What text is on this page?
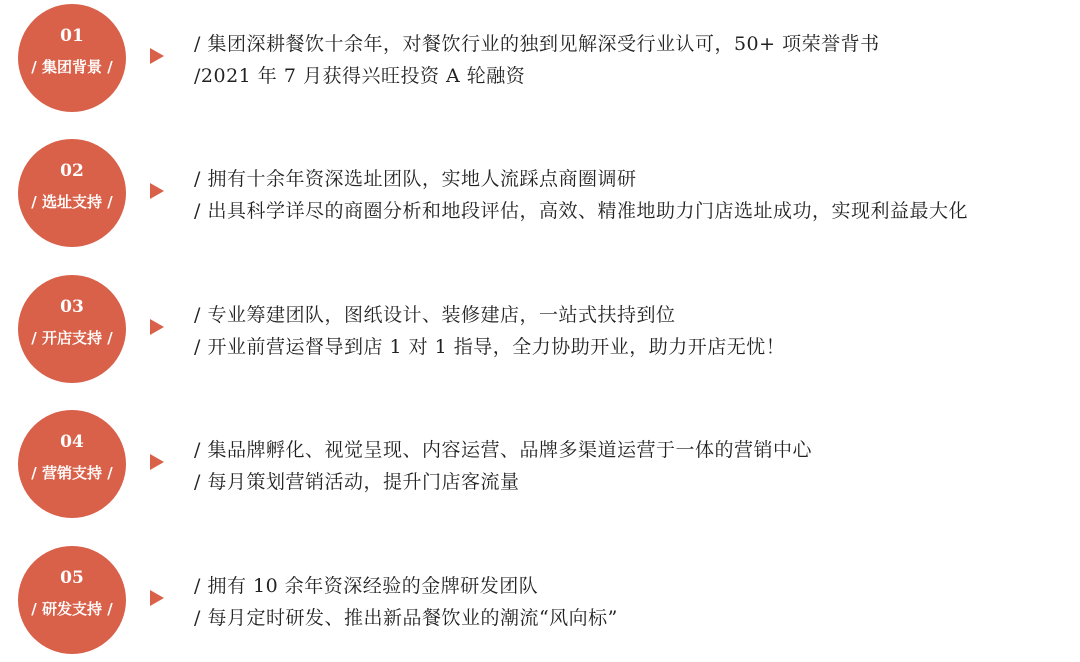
01
/ 集团背景 /
/ 集团深耕餐饮十余年，对餐饮行业的独到见解深受行业认可，50+ 项荣誉背书
/2021 年 7 月获得兴旺投资 A 轮融资
02
/ 选址支持 /
/ 拥有十余年资深选址团队，实地人流踩点商圈调研
/ 出具科学详尽的商圈分析和地段评估，高效、精准地助力门店选址成功，实现利益最大化
03
/ 开店支持 /
/ 专业筹建团队，图纸设计、装修建店，一站式扶持到位
/ 开业前营运督导到店 1 对 1 指导，全力协助开业，助力开店无忧！
04
/ 营销支持 /
/ 集品牌孵化、视觉呈现、内容运营、品牌多渠道运营于一体的营销中心
/ 每月策划营销活动，提升门店客流量
05
/ 研发支持 /
/ 拥有 10 余年资深经验的金牌研发团队
/ 每月定时研发、推出新品餐饮业的潮流“风向标”
